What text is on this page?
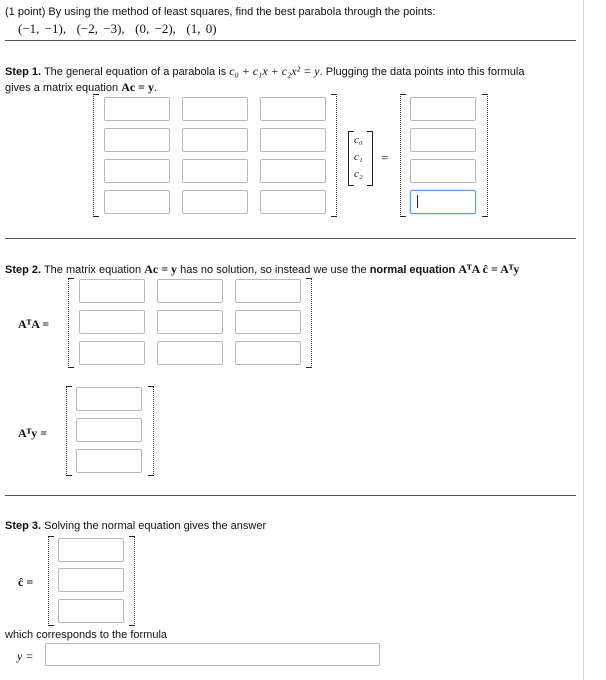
(1 point) By using the method of least squares, find the best parabola through the points:
(−1, −1), (−2, −3), (0, −2), (1, 0)
Step 1. The general equation of a parabola is c₀ + c₁x + c₂x² = y. Plugging the data points into this formula
gives a matrix equation Ac = y.
c₀
c₁
c₂
=
Step 2. The matrix equation Ac = y has no solution, so instead we use the normal equation AᵀA ĉ = Aᵀy
AᵀA =
Aᵀy =
Step 3. Solving the normal equation gives the answer
ĉ =
which corresponds to the formula
y =
